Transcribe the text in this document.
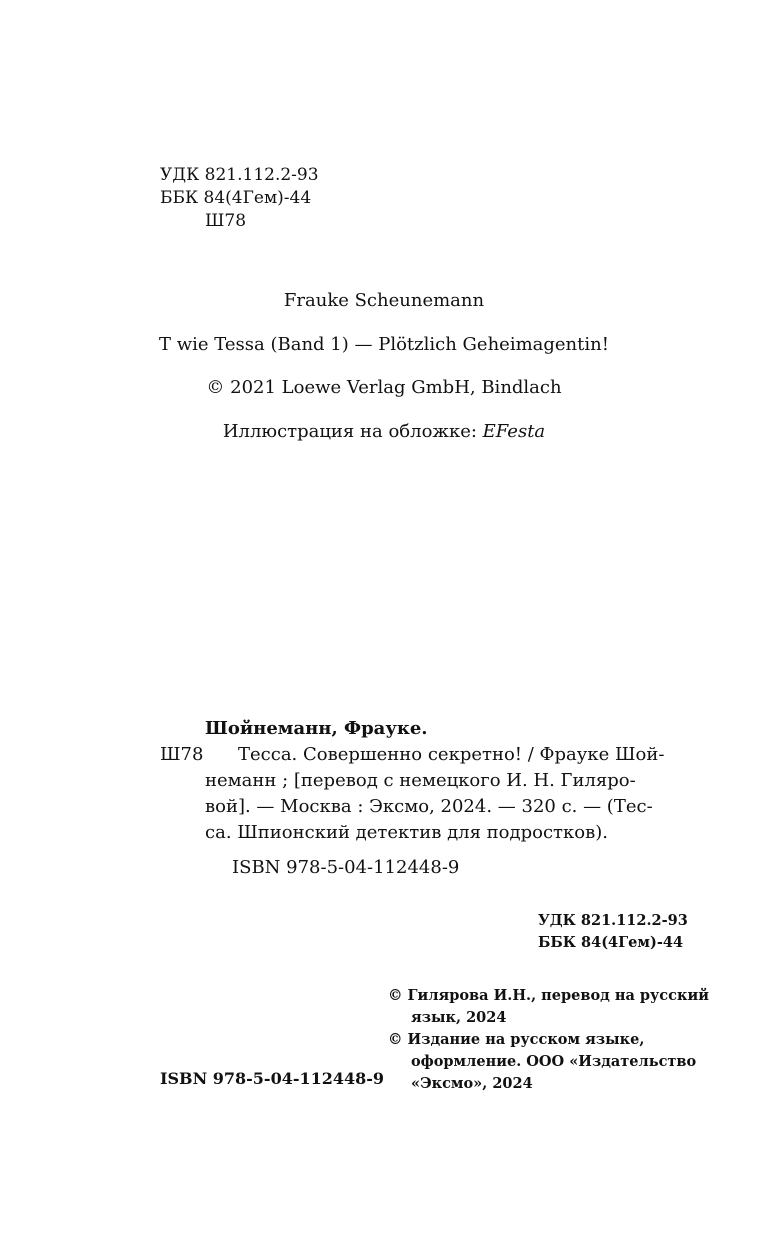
УДК 821.112.2-93
ББК 84(4Гем)-44
Ш78
Frauke Scheunemann
T wie Tessa (Band 1) — Plötzlich Geheimagentin!
© 2021 Loewe Verlag GmbH, Bindlach
Иллюстрация на обложке: EFesta
Шойнеманн, Фрауке.
Ш78 Тесса. Совершенно секретно! / Фрауке Шой-
неманн ; [перевод с немецкого И. Н. Гиляро-
вой]. — Москва : Эксмо, 2024. — 320 с. — (Тес-
са. Шпионский детектив для подростков).
ISBN 978-5-04-112448-9
УДК 821.112.2-93
ББК 84(4Гем)-44
© Гилярова И.Н., перевод на русский
язык, 2024
© Издание на русском языке,
оформление. ООО «Издательство
«Эксмо», 2024
ISBN 978-5-04-112448-9
